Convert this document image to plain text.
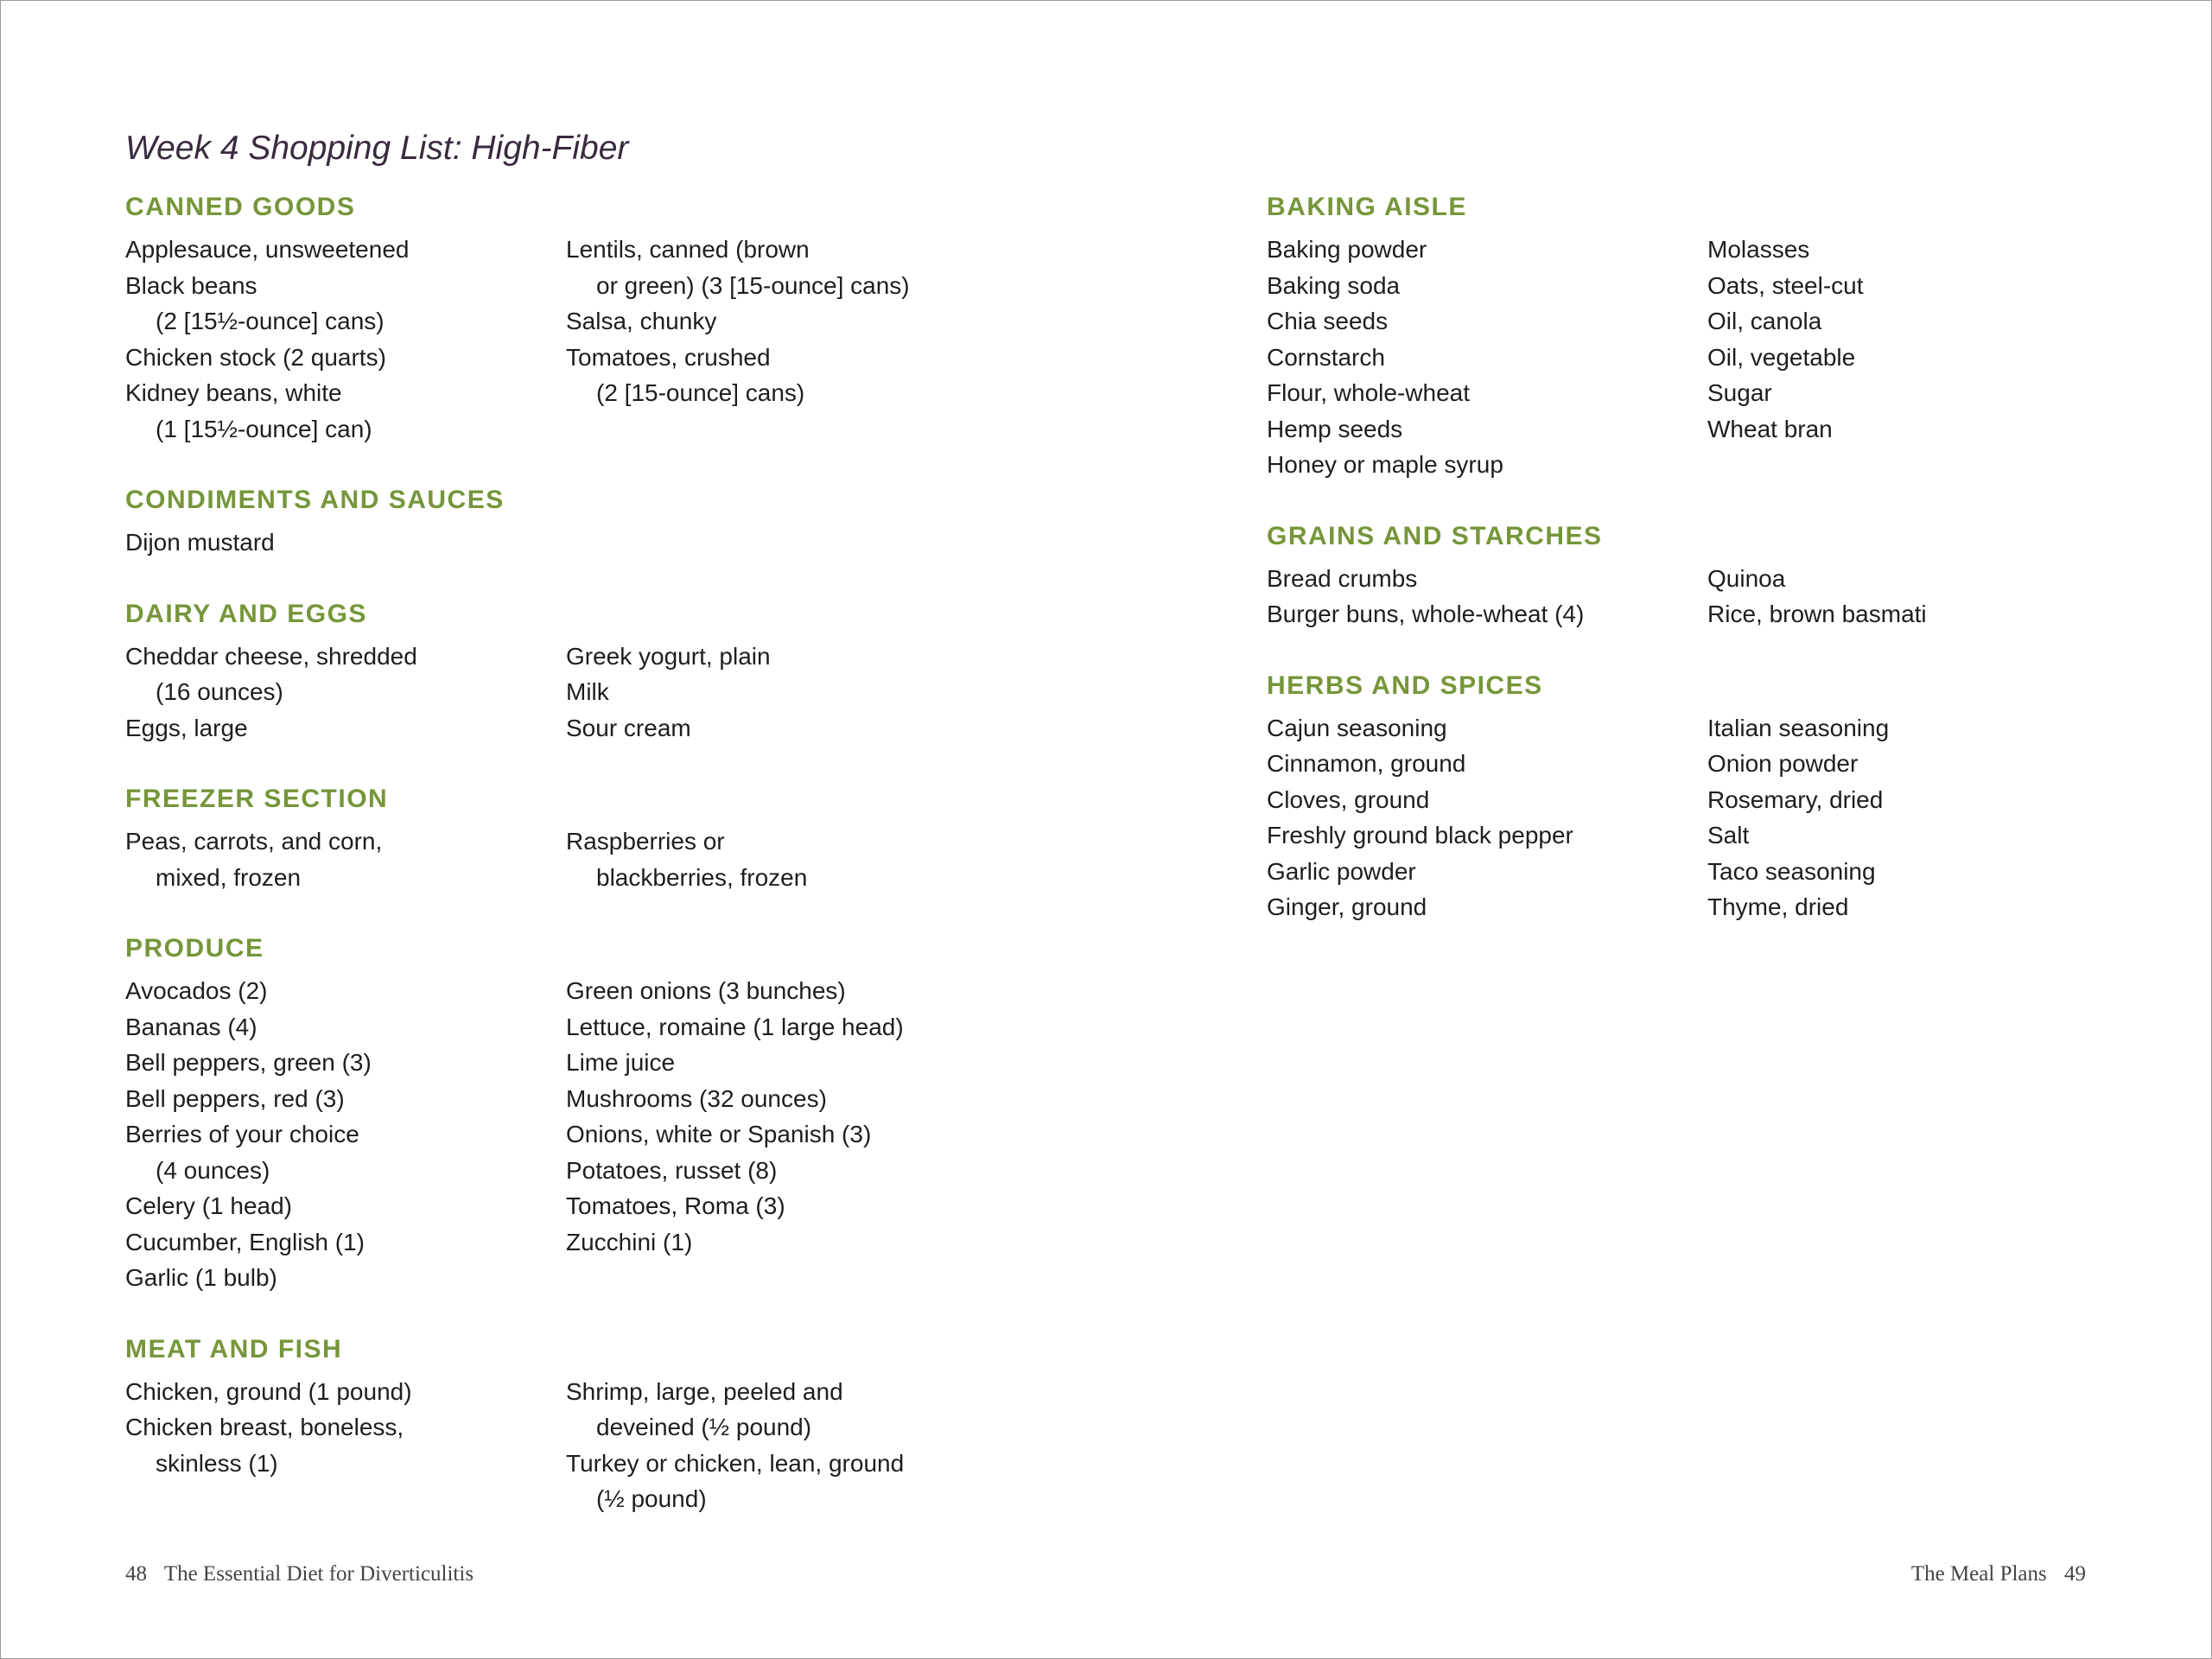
Week 4 Shopping List: High-Fiber
CANNED GOODS
Applesauce, unsweetened
Black beans
(2 [15½-ounce] cans)
Chicken stock (2 quarts)
Kidney beans, white
(1 [15½-ounce] can)
Lentils, canned (brown
or green) (3 [15-ounce] cans)
Salsa, chunky
Tomatoes, crushed
(2 [15-ounce] cans)
CONDIMENTS AND SAUCES
Dijon mustard
DAIRY AND EGGS
Cheddar cheese, shredded
(16 ounces)
Eggs, large
Greek yogurt, plain
Milk
Sour cream
FREEZER SECTION
Peas, carrots, and corn,
mixed, frozen
Raspberries or
blackberries, frozen
PRODUCE
Avocados (2)
Bananas (4)
Bell peppers, green (3)
Bell peppers, red (3)
Berries of your choice
(4 ounces)
Celery (1 head)
Cucumber, English (1)
Garlic (1 bulb)
Green onions (3 bunches)
Lettuce, romaine (1 large head)
Lime juice
Mushrooms (32 ounces)
Onions, white or Spanish (3)
Potatoes, russet (8)
Tomatoes, Roma (3)
Zucchini (1)
MEAT AND FISH
Chicken, ground (1 pound)
Chicken breast, boneless,
skinless (1)
Shrimp, large, peeled and
deveined (½ pound)
Turkey or chicken, lean, ground
(½ pound)
BAKING AISLE
Baking powder
Baking soda
Chia seeds
Cornstarch
Flour, whole-wheat
Hemp seeds
Honey or maple syrup
Molasses
Oats, steel-cut
Oil, canola
Oil, vegetable
Sugar
Wheat bran
GRAINS AND STARCHES
Bread crumbs
Burger buns, whole-wheat (4)
Quinoa
Rice, brown basmati
HERBS AND SPICES
Cajun seasoning
Cinnamon, ground
Cloves, ground
Freshly ground black pepper
Garlic powder
Ginger, ground
Italian seasoning
Onion powder
Rosemary, dried
Salt
Taco seasoning
Thyme, dried
48 The Essential Diet for Diverticulitis	The Meal Plans 49
